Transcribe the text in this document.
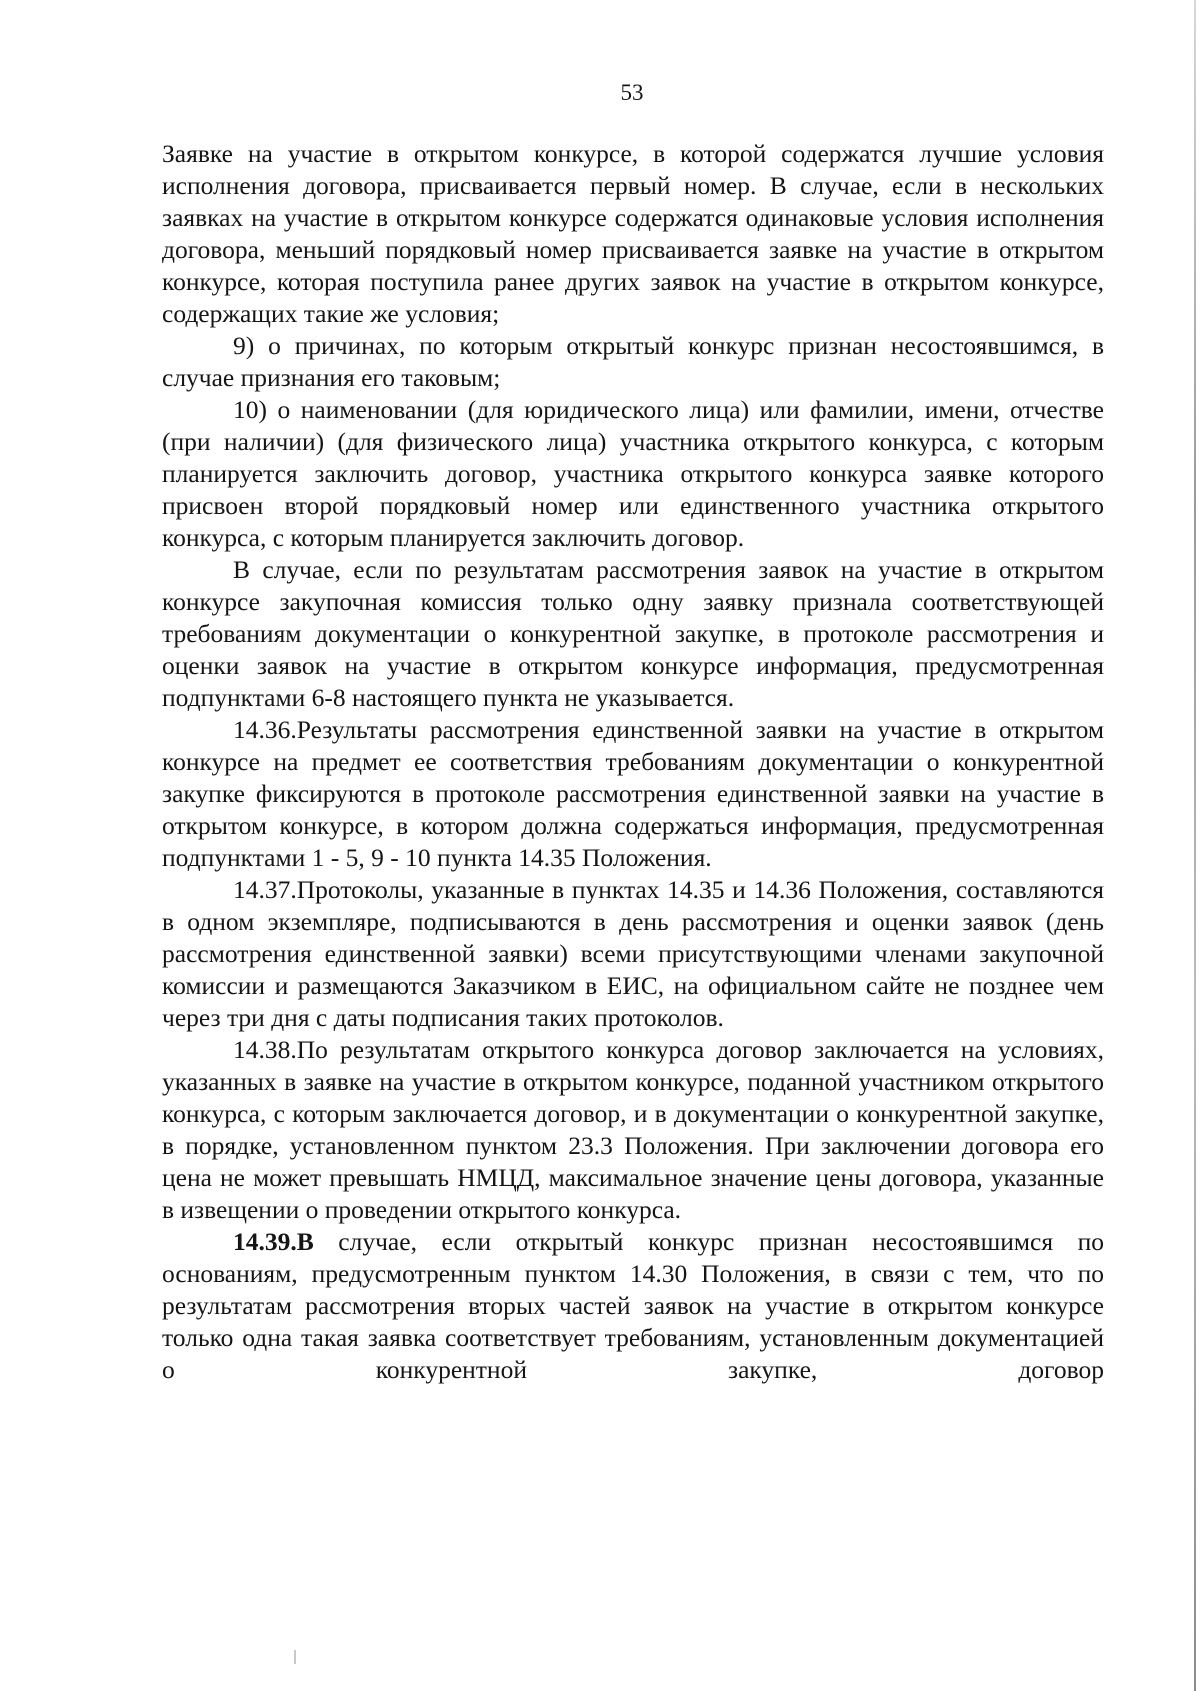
53

Заявке на участие в открытом конкурсе, в которой содержатся лучшие условия исполнения договора, присваивается первый номер. В случае, если в нескольких заявках на участие в открытом конкурсе содержатся одинаковые условия исполнения договора, меньший порядковый номер присваивается заявке на участие в открытом конкурсе, которая поступила ранее других заявок на участие в открытом конкурсе, содержащих такие же условия;

9) о причинах, по которым открытый конкурс признан несостоявшимся, в случае признания его таковым;

10) о наименовании (для юридического лица) или фамилии, имени, отчестве (при наличии) (для физического лица) участника открытого конкурса, с которым планируется заключить договор, участника открытого конкурса заявке которого присвоен второй порядковый номер или единственного участника открытого конкурса, с которым планируется заключить договор.

В случае, если по результатам рассмотрения заявок на участие в открытом конкурсе закупочная комиссия только одну заявку признала соответствующей требованиям документации о конкурентной закупке, в протоколе рассмотрения и оценки заявок на участие в открытом конкурсе информация, предусмотренная подпунктами 6-8 настоящего пункта не указывается.

14.36.Результаты рассмотрения единственной заявки на участие в открытом конкурсе на предмет ее соответствия требованиям документации о конкурентной закупке фиксируются в протоколе рассмотрения единственной заявки на участие в открытом конкурсе, в котором должна содержаться информация, предусмотренная подпунктами 1 - 5, 9 - 10 пункта 14.35 Положения.

14.37.Протоколы, указанные в пунктах 14.35 и 14.36 Положения, составляются в одном экземпляре, подписываются в день рассмотрения и оценки заявок (день рассмотрения единственной заявки) всеми присутствующими членами закупочной комиссии и размещаются Заказчиком в ЕИС, на официальном сайте не позднее чем через три дня с даты подписания таких протоколов.

14.38.По результатам открытого конкурса договор заключается на условиях, указанных в заявке на участие в открытом конкурсе, поданной участником открытого конкурса, с которым заключается договор, и в документации о конкурентной закупке, в порядке, установленном пунктом 23.3 Положения. При заключении договора его цена не может превышать НМЦД, максимальное значение цены договора, указанные в извещении о проведении открытого конкурса.

14.39.В случае, если открытый конкурс признан несостоявшимся по основаниям, предусмотренным пунктом 14.30 Положения, в связи с тем, что по результатам рассмотрения вторых частей заявок на участие в открытом конкурсе только одна такая заявка соответствует требованиям, установленным документацией о конкурентной закупке, договор
